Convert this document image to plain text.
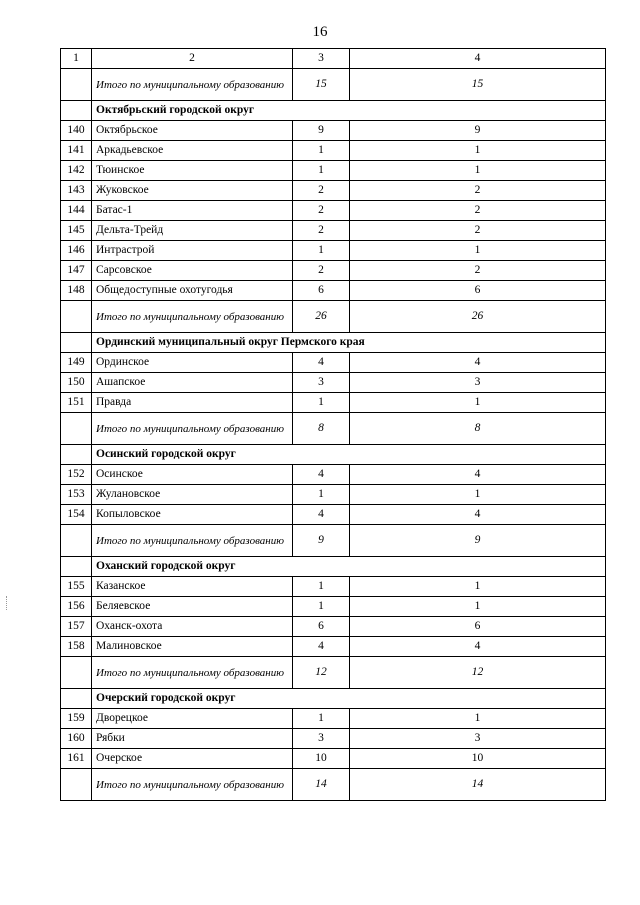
16
1	2	3	4
	Итого по муниципальному образованию	15	15
	Октябрьский городской округ		
140	Октябрьское	9	9
141	Аркадьевское	1	1
142	Тюинское	1	1
143	Жуковское	2	2
144	Батас-1	2	2
145	Дельта-Трейд	2	2
146	Интрастрой	1	1
147	Сарсовское	2	2
148	Общедоступные охотугодья	6	6
	Итого по муниципальному образованию	26	26
	Ординский муниципальный округ Пермского края		
149	Ординское	4	4
150	Ашапское	3	3
151	Правда	1	1
	Итого по муниципальному образованию	8	8
	Осинский городской округ		
152	Осинское	4	4
153	Жулановское	1	1
154	Копыловское	4	4
	Итого по муниципальному образованию	9	9
	Оханский городской округ		
155	Казанское	1	1
156	Беляевское	1	1
157	Оханск-охота	6	6
158	Малиновское	4	4
	Итого по муниципальному образованию	12	12
	Очерский городской округ		
159	Дворецкое	1	1
160	Рябки	3	3
161	Очерское	10	10
	Итого по муниципальному образованию	14	14
